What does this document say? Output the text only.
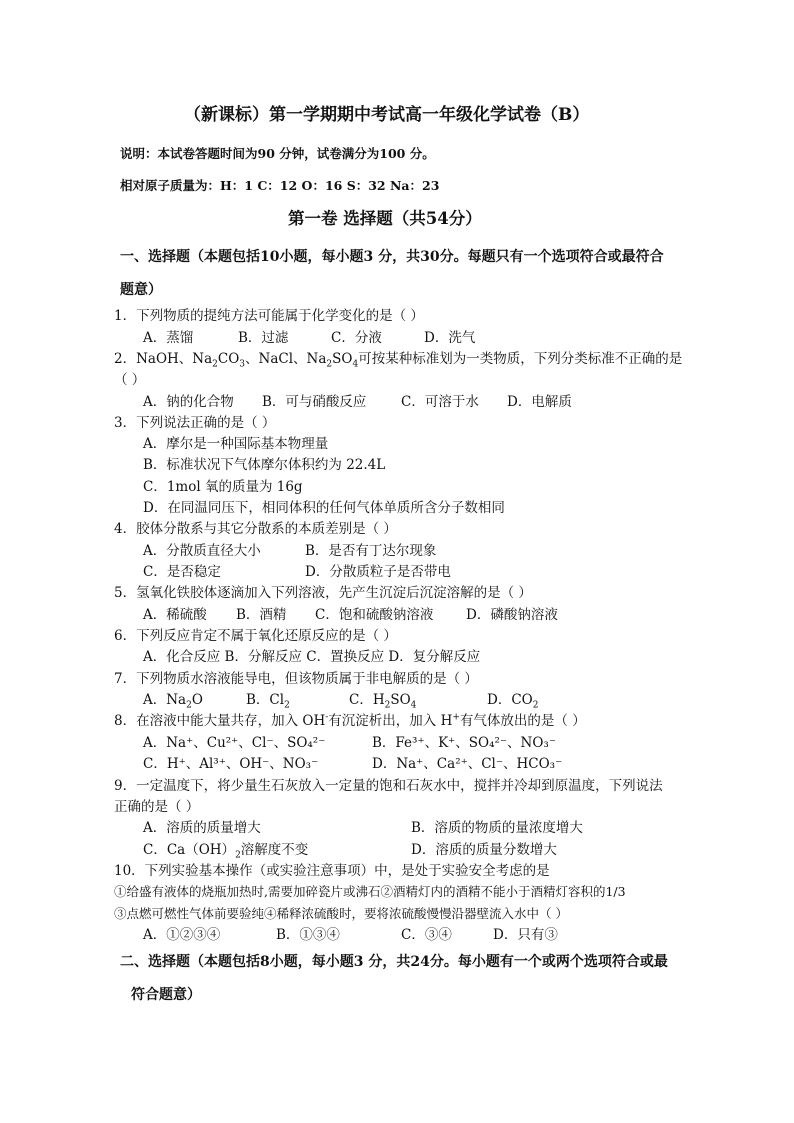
（新课标）第一学期期中考试高一年级化学试卷（B）
说明：本试卷答题时间为90 分钟，试卷满分为100 分。
相对原子质量为：H：1 C：12 O：16 S：32 Na：23
第一卷 选择题（共54分）
一、选择题（本题包括10小题，每小题3 分，共30分。每题只有一个选项符合或最符合
题意）
1．下列物质的提纯方法可能属于化学变化的是（ ）
A．蒸馏	B．过滤	C．分液	D．洗气
2．NaOH、$Na_2CO_3$、NaCl、$Na_2SO_4$可按某种标准划为一类物质，下列分类标准不正确的是
（ ）
A．钠的化合物 B．可与硝酸反应	C．可溶于水 D．电解质
3．下列说法正确的是（ ）
A．摩尔是一种国际基本物理量
B．标准状况下气体摩尔体积约为 22.4L
C．1mol 氧的质量为 16g
D．在同温同压下，相同体积的任何气体单质所含分子数相同
4．胶体分散系与其它分散系的本质差别是（ ）
A．分散质直径大小	B．是否有丁达尔现象
C．是否稳定	D．分散质粒子是否带电
5．氢氧化铁胶体逐滴加入下列溶液，先产生沉淀后沉淀溶解的是（ ）
A．稀硫酸 B．酒精 C．饱和硫酸钠溶液 D．磷酸钠溶液
6．下列反应肯定不属于氧化还原反应的是（ ）
A．化合反应 B．分解反应 C．置换反应 D．复分解反应
7．下列物质水溶液能导电，但该物质属于非电解质的是（ ）
A．$Na_2O$	B．$Cl_2$	C．$H_2SO_4$	D．$CO_2$
8．在溶液中能大量共存，加入 OH-有沉淀析出，加入 H+有气体放出的是（ ）
A．Na⁺、Cu²⁺、Cl⁻、SO₄²⁻	B．Fe³⁺、K⁺、SO₄²⁻、NO₃⁻
C．H⁺、Al³⁺、OH⁻、NO₃⁻	D．Na⁺、Ca²⁺、Cl⁻、HCO₃⁻
9．一定温度下，将少量生石灰放入一定量的饱和石灰水中，搅拌并冷却到原温度，下列说法
正确的是（ ）
A．溶质的质量增大	B．溶质的物质的量浓度增大
C．$Ca(OH)_2$溶解度不变	D．溶质的质量分数增大
10．下列实验基本操作（或实验注意事项）中，是处于实验安全考虑的是
①给盛有液体的烧瓶加热时,需要加碎瓷片或沸石②酒精灯内的酒精不能小于酒精灯容积的1/3
③点燃可燃性气体前要验纯④稀释浓硫酸时，要将浓硫酸慢慢沿器壁流入水中（ ）
A．①②③④	B．①③④	C．③④	D．只有③
二、选择题（本题包括8小题，每小题3 分，共24分。每小题有一个或两个选项符合或最
符合题意）
